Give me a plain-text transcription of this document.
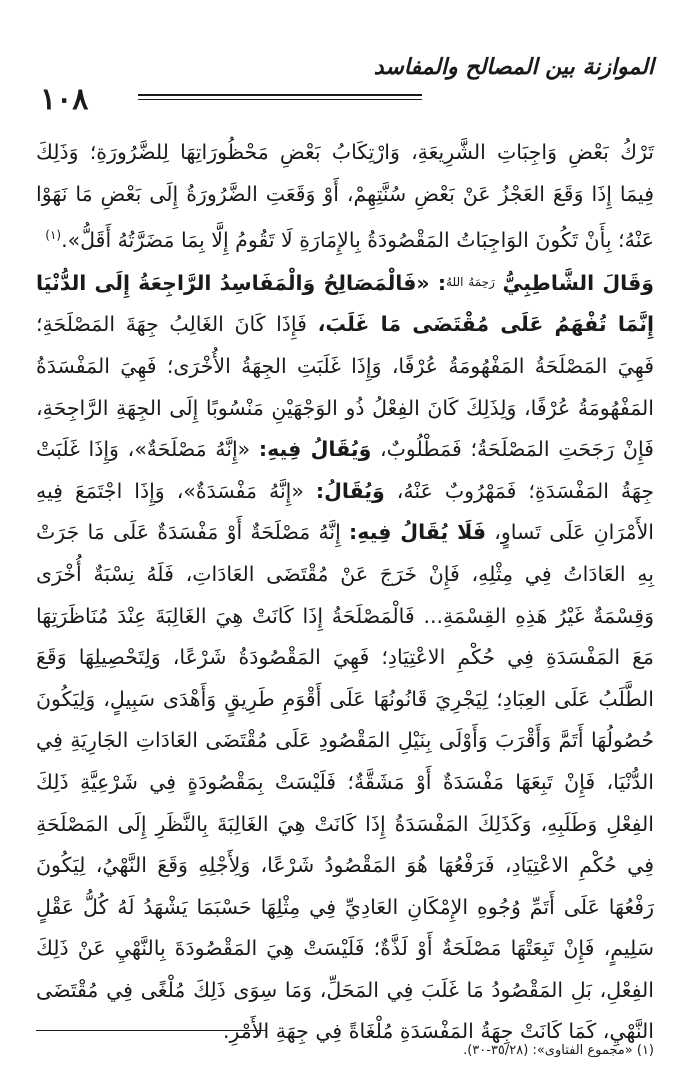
١٠٨
الموازنة بين المصالح والمفاسد

تَرْكُ بَعْضِ وَاجِبَاتِ الشَّرِيعَةِ، وَارْتِكَابُ بَعْضِ مَحْظُورَاتِهَا لِلضَّرُورَةِ؛ وَذَلِكَ فِيمَا إِذَا وَقَعَ العَجْزُ عَنْ بَعْضِ سُنَّتِهِمْ، أَوْ وَقَعَتِ الضَّرُورَةُ إِلَى بَعْضِ مَا نَهَوْا عَنْهُ؛ بِأَنْ تَكُونَ الوَاجِبَاتُ المَقْصُودَةُ بِالإِمَارَةِ لَا تَقُومُ إِلَّا بِمَا مَضَرَّتُهُ أَقَلُّ».$^{(١)}$

وَقَالَ الشَّاطِبِيُّ رَحِمَهُ اللهُ: «فَالْمَصَالِحُ وَالْمَفَاسِدُ الرَّاجِعَةُ إِلَى الدُّنْيَا إِنَّمَا تُفْهَمُ عَلَى مُقْتَضَى مَا غَلَبَ، فَإِذَا كَانَ الغَالِبُ جِهَةَ المَصْلَحَةِ؛ فَهِيَ المَصْلَحَةُ المَفْهُومَةُ عُرْفًا، وَإِذَا غَلَبَتِ الجِهَةُ الأُخْرَى؛ فَهِيَ المَفْسَدَةُ المَفْهُومَةُ عُرْفًا، وَلِذَلِكَ كَانَ الفِعْلُ ذُو الوَجْهَيْنِ مَنْسُوبًا إِلَى الجِهَةِ الرَّاجِحَةِ، فَإِنْ رَجَحَتِ المَصْلَحَةُ؛ فَمَطْلُوبٌ، وَيُقَالُ فِيهِ: «إِنَّهُ مَصْلَحَةٌ»، وَإِذَا غَلَبَتْ جِهَةُ المَفْسَدَةِ؛ فَمَهْرُوبٌ عَنْهُ، وَيُقَالُ: «إِنَّهُ مَفْسَدَةٌ»، وَإِذَا اجْتَمَعَ فِيهِ الأَمْرَانِ عَلَى تَساوٍ، فَلَا يُقَالُ فِيهِ: إِنَّهُ مَصْلَحَةٌ أَوْ مَفْسَدَةٌ عَلَى مَا جَرَتْ بِهِ العَادَاتُ فِي مِثْلِهِ، فَإِنْ خَرَجَ عَنْ مُقْتَضَى العَادَاتِ، فَلَهُ نِسْبَةٌ أُخْرَى وَقِسْمَةٌ غَيْرُ هَذِهِ القِسْمَةِ... فَالْمَصْلَحَةُ إِذَا كَانَتْ هِيَ الغَالِبَةَ عِنْدَ مُنَاظَرَتِهَا مَعَ المَفْسَدَةِ فِي حُكْمِ الاعْتِيَادِ؛ فَهِيَ المَقْصُودَةُ شَرْعًا، وَلِتَحْصِيلِهَا وَقَعَ الطَّلَبُ عَلَى العِبَادِ؛ لِيَجْرِيَ قَانُونُهَا عَلَى أَقْوَمِ طَرِيقٍ وَأَهْدَى سَبِيلٍ، وَلِيَكُونَ حُصُولُهَا أَتَمَّ وَأَقْرَبَ وَأَوْلَى بِنَيْلِ المَقْصُودِ عَلَى مُقْتَضَى العَادَاتِ الجَارِيَةِ فِي الدُّنْيَا، فَإِنْ تَبِعَهَا مَفْسَدَةٌ أَوْ مَشَقَّةٌ؛ فَلَيْسَتْ بِمَقْصُودَةٍ فِي شَرْعِيَّةِ ذَلِكَ الفِعْلِ وَطَلَبِهِ، وَكَذَلِكَ المَفْسَدَةُ إِذَا كَانَتْ هِيَ الغَالِبَةَ بِالنَّظَرِ إِلَى المَصْلَحَةِ فِي حُكْمِ الاعْتِيَادِ، فَرَفْعُهَا هُوَ المَقْصُودُ شَرْعًا، وَلِأَجْلِهِ وَقَعَ النَّهْيُ، لِيَكُونَ رَفْعُهَا عَلَى أَتَمِّ وُجُوهِ الإِمْكَانِ العَادِيِّ فِي مِثْلِهَا حَسْبَمَا يَشْهَدُ لَهُ كُلُّ عَقْلٍ سَلِيمٍ، فَإِنْ تَبِعَتْهَا مَصْلَحَةٌ أَوْ لَذَّةٌ؛ فَلَيْسَتْ هِيَ المَقْصُودَةَ بِالنَّهْيِ عَنْ ذَلِكَ الفِعْلِ، بَلِ المَقْصُودُ مَا غَلَبَ فِي المَحَلِّ، وَمَا سِوَى ذَلِكَ مُلْغًى فِي مُقْتَضَى النَّهْيِ، كَمَا كَانَتْ جِهَةُ المَفْسَدَةِ مُلْغَاةً فِي جِهَةِ الأَمْرِ.

(١) «مجموع الفتاوى»: (٣٥/٢٨-٣٠).
